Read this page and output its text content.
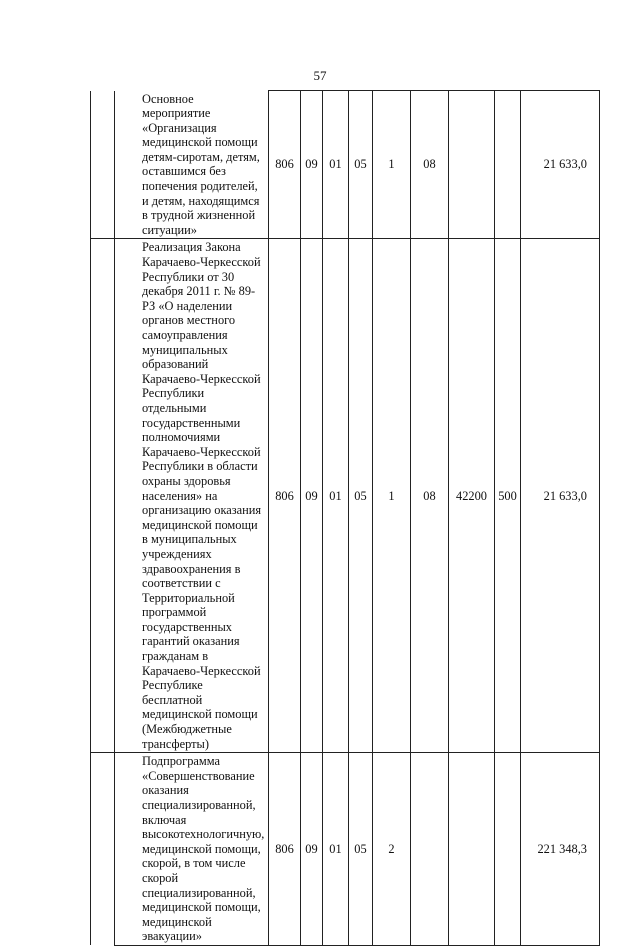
57
	Основное мероприятие «Организация медицинской помощи детям-сиротам, детям, оставшимся без попечения родителей, и детям, находящимся в трудной жизненной ситуации»	806	09	01	05	1	08			21 633,0
	Реализация Закона Карачаево-Черкесской Республики от 30 декабря 2011 г. № 89-РЗ «О наделении органов местного самоуправления муниципальных образований Карачаево-Черкесской Республики отдельными государственными полномочиями Карачаево-Черкесской Республики в области охраны здоровья населения» на организацию оказания медицинской помощи в муниципальных учреждениях здравоохранения в соответствии с Территориальной программой государственных гарантий оказания гражданам в Карачаево-Черкесской Республике бесплатной медицинской помощи (Межбюджетные трансферты)	806	09	01	05	1	08	42200	500	21 633,0
	Подпрограмма «Совершенствование оказания специализированной, включая высокотехнологичную, медицинской помощи, скорой, в том числе скорой специализированной, медицинской помощи, медицинской эвакуации»	806	09	01	05	2				221 348,3
